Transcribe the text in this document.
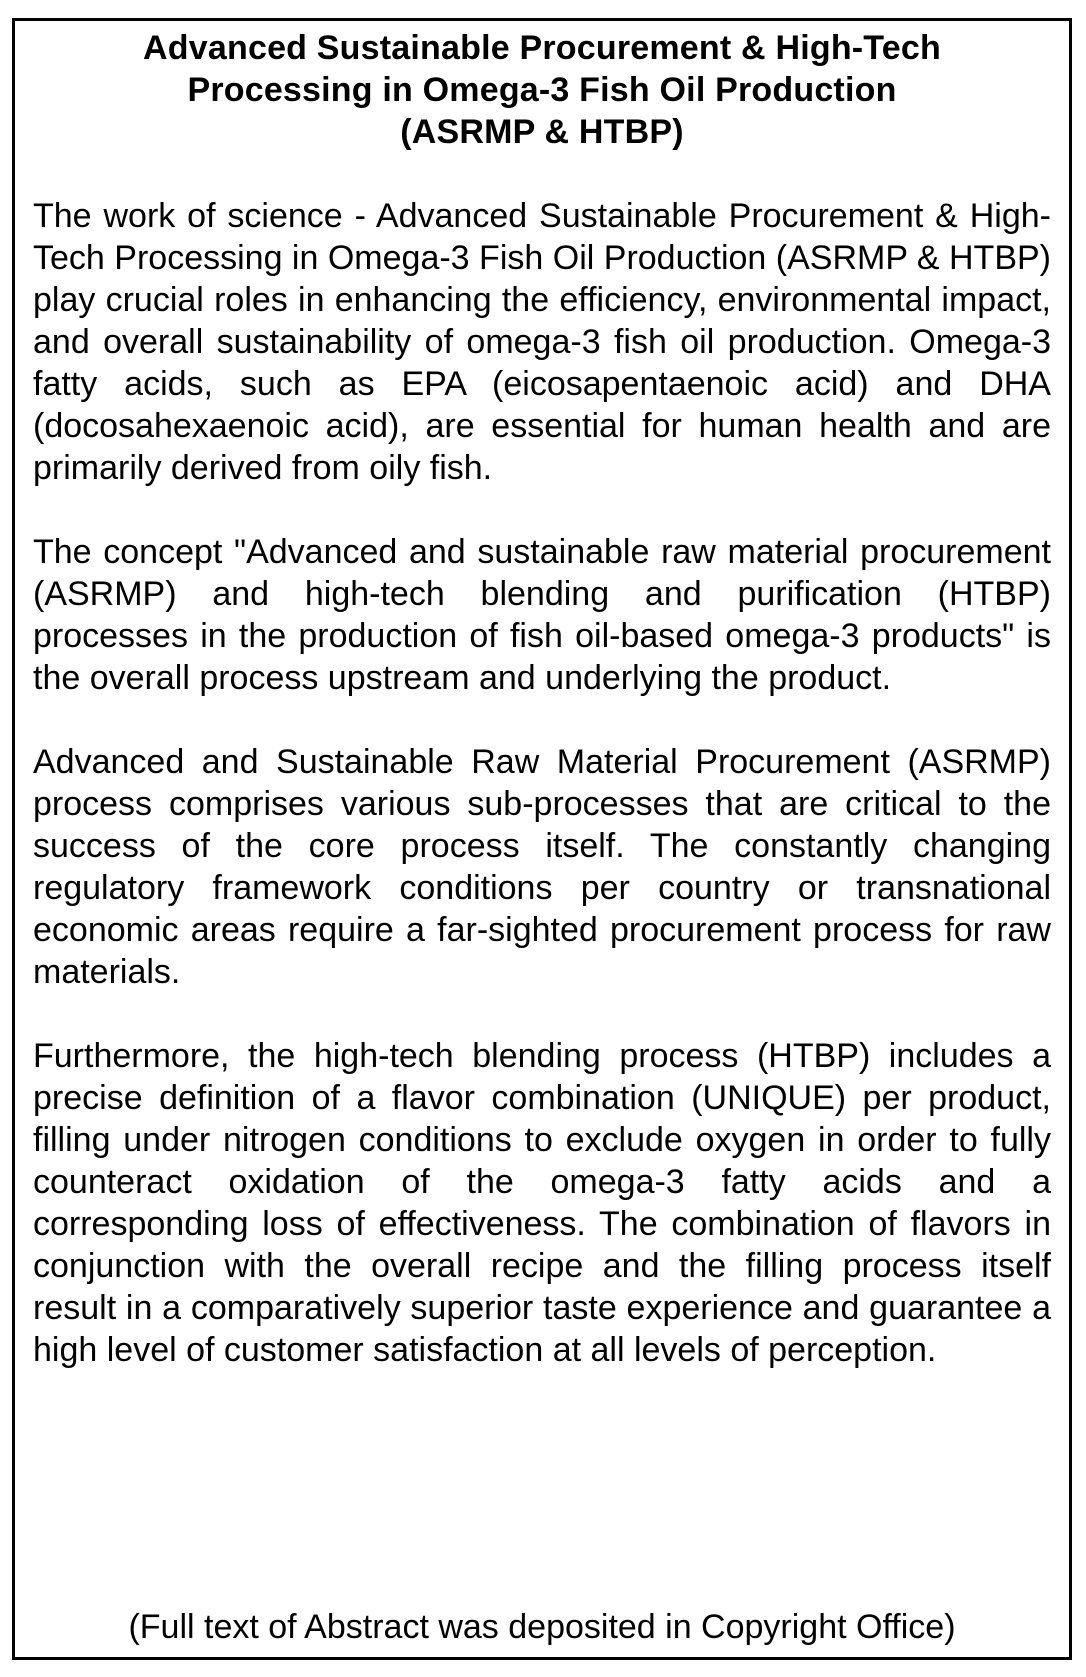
Advanced Sustainable Procurement & High-Tech
Processing in Omega-3 Fish Oil Production
(ASRMP & HTBP)

The work of science - Advanced Sustainable Procurement & High-Tech Processing in Omega-3 Fish Oil Production (ASRMP & HTBP) play crucial roles in enhancing the efficiency, environmental impact, and overall sustainability of omega-3 fish oil production. Omega-3 fatty acids, such as EPA (eicosapentaenoic acid) and DHA (docosahexaenoic acid), are essential for human health and are primarily derived from oily fish.

The concept "Advanced and sustainable raw material procurement (ASRMP) and high-tech blending and purification (HTBP) processes in the production of fish oil-based omega-3 products" is the overall process upstream and underlying the product.

Advanced and Sustainable Raw Material Procurement (ASRMP) process comprises various sub-processes that are critical to the success of the core process itself. The constantly changing regulatory framework conditions per country or transnational economic areas require a far-sighted procurement process for raw materials.

Furthermore, the high-tech blending process (HTBP) includes a precise definition of a flavor combination (UNIQUE) per product, filling under nitrogen conditions to exclude oxygen in order to fully counteract oxidation of the omega-3 fatty acids and a corresponding loss of effectiveness. The combination of flavors in conjunction with the overall recipe and the filling process itself result in a comparatively superior taste experience and guarantee a high level of customer satisfaction at all levels of perception.

(Full text of Abstract was deposited in Copyright Office)
